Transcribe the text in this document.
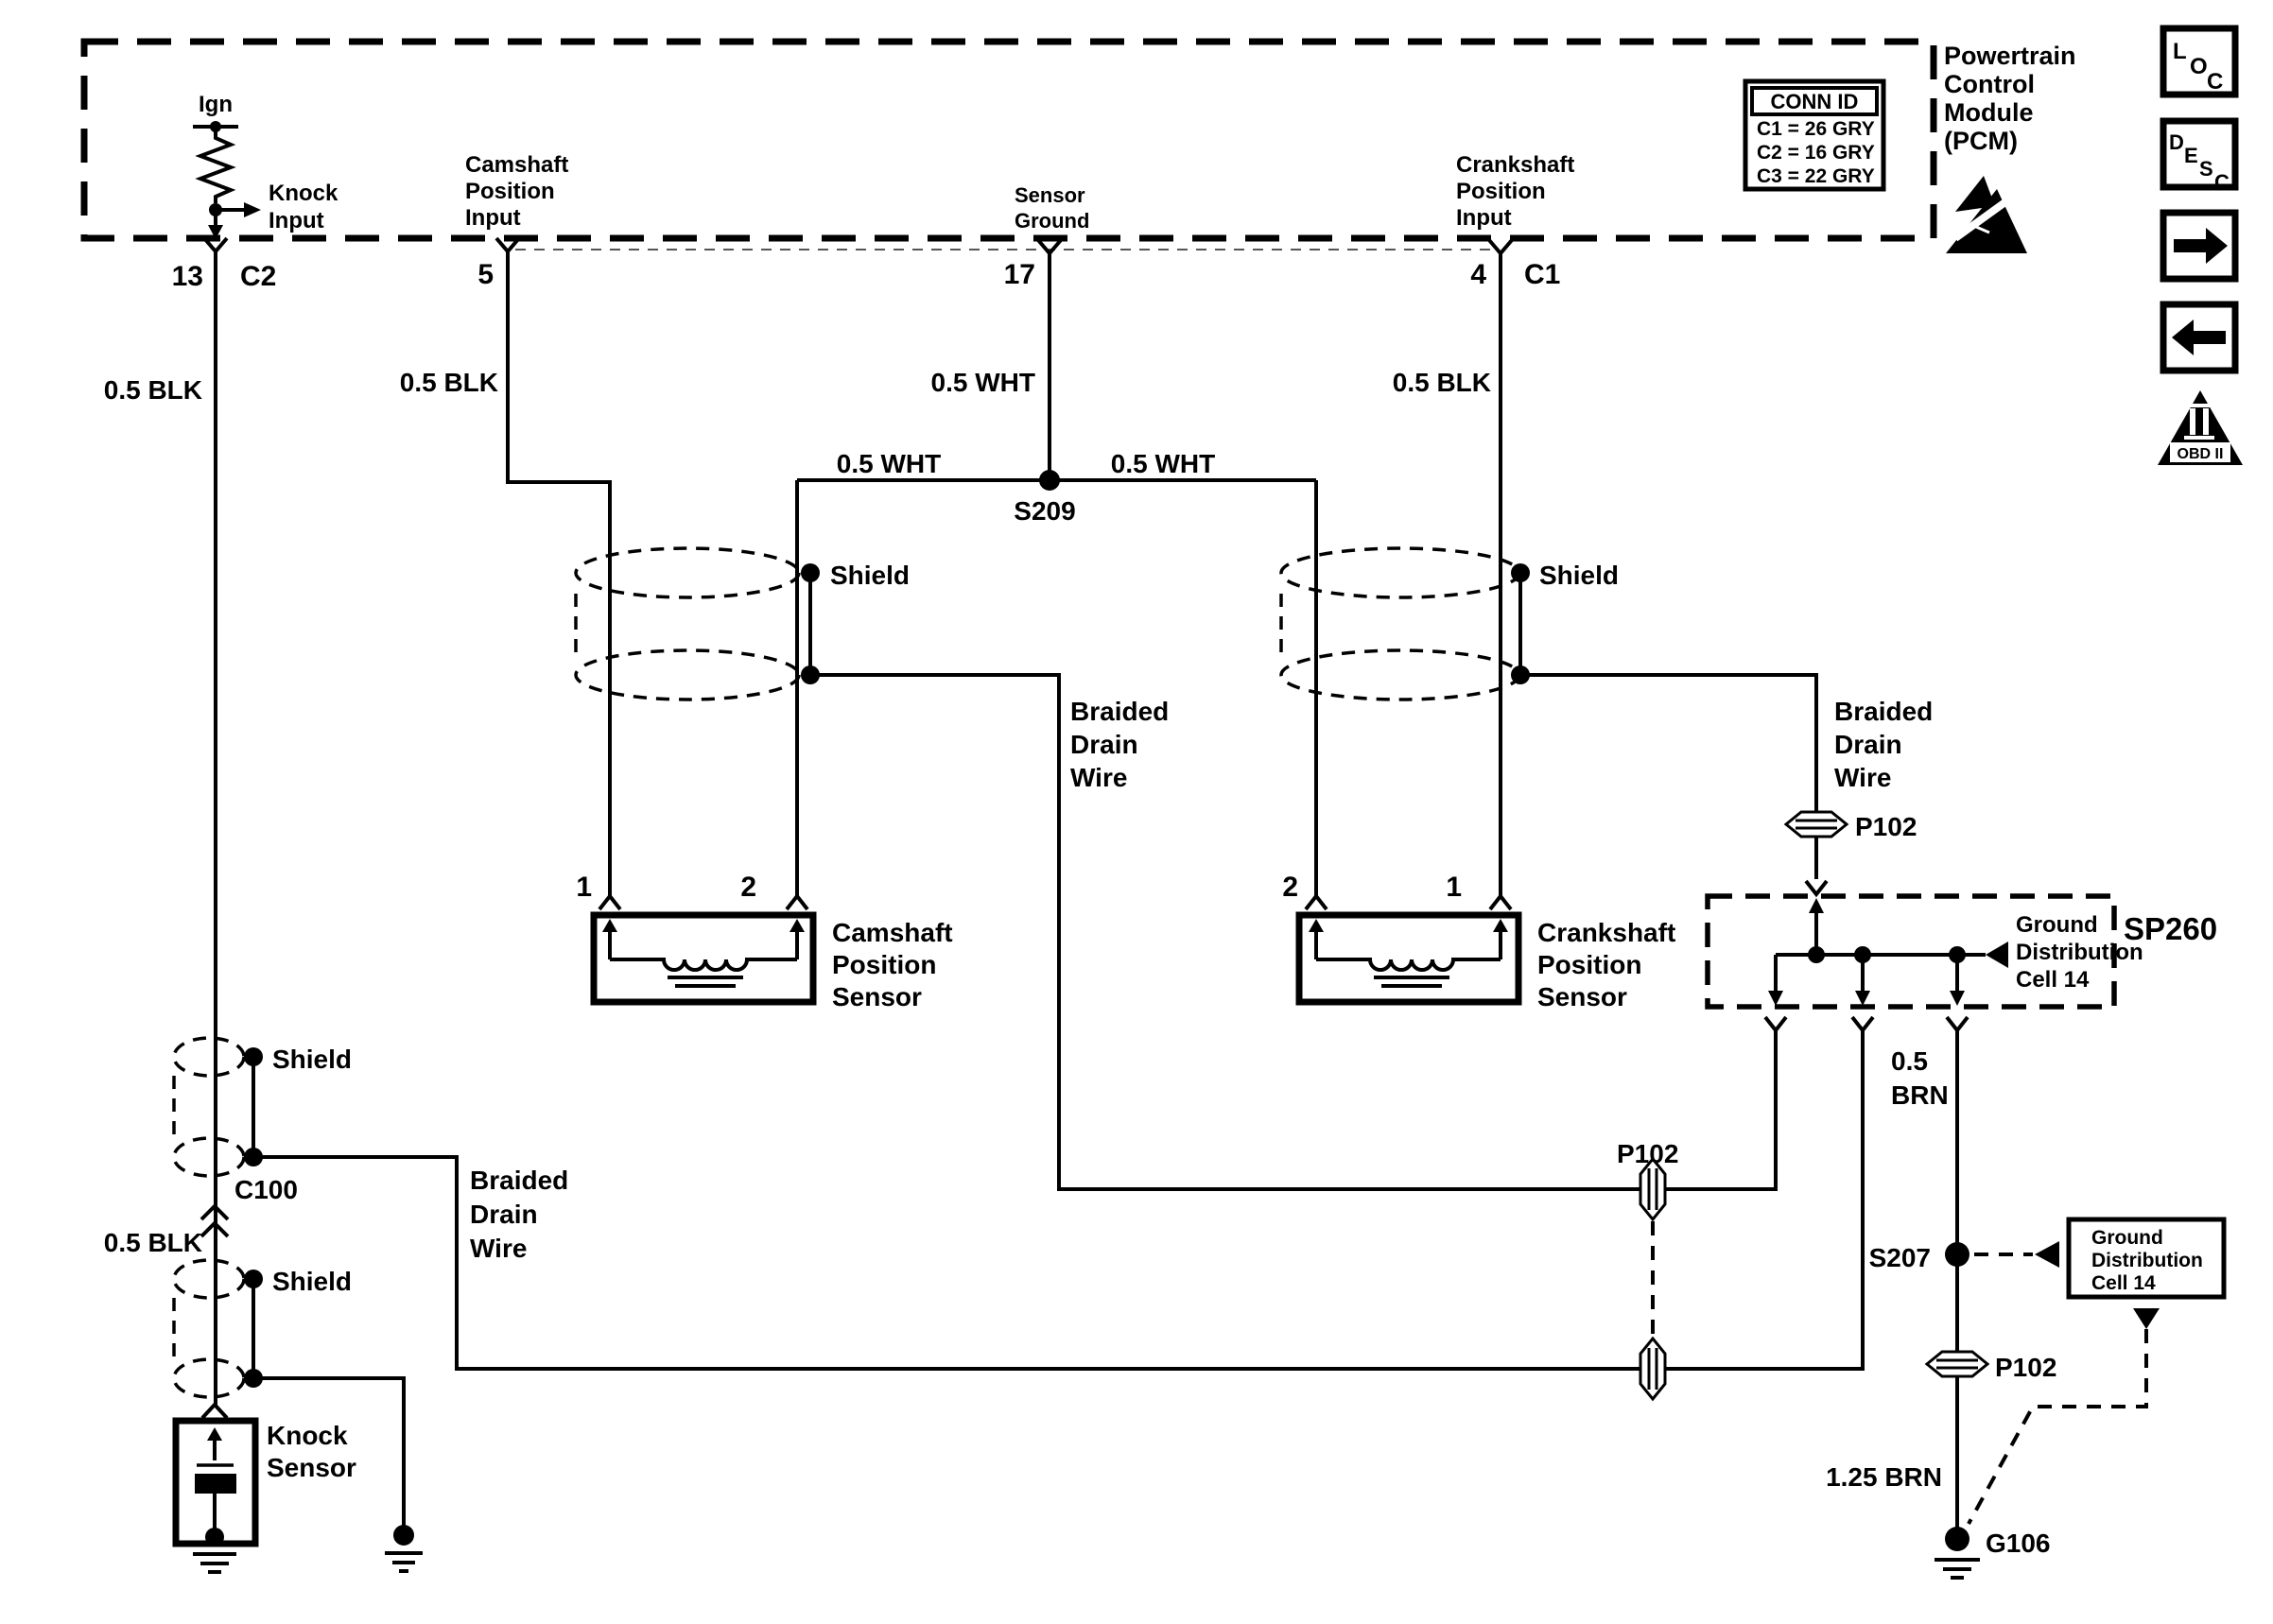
Powertrain
Control
Module
(PCM)
CONN ID
C1 = 26 GRY
C2 = 16 GRY
C3 = 22 GRY
Ign
Knock
Input
Camshaft
Position
Input
Sensor
Ground
Crankshaft
Position
Input
13 C2	5	17	4 C1
L
O
C
D
E
S
C
OBD II
0.5 BLK
0.5 BLK
0.5 BLK	0.5 WHT
0.5 WHT	0.5 WHT
S209
0.5 BLK
Shield	Shield
Braided
Drain
Wire
Braided
Drain
Wire
P102
SP260
Ground
Distribution
Cell 14
P102
Braided
Drain
Wire
0.5
BRN
S207
Ground
Distribution
Cell 14
P102
1.25 BRN
G106
1	2
Camshaft
Position
Sensor
2	1
Crankshaft
Position
Sensor
Shield
C100
Shield
Knock
Sensor
